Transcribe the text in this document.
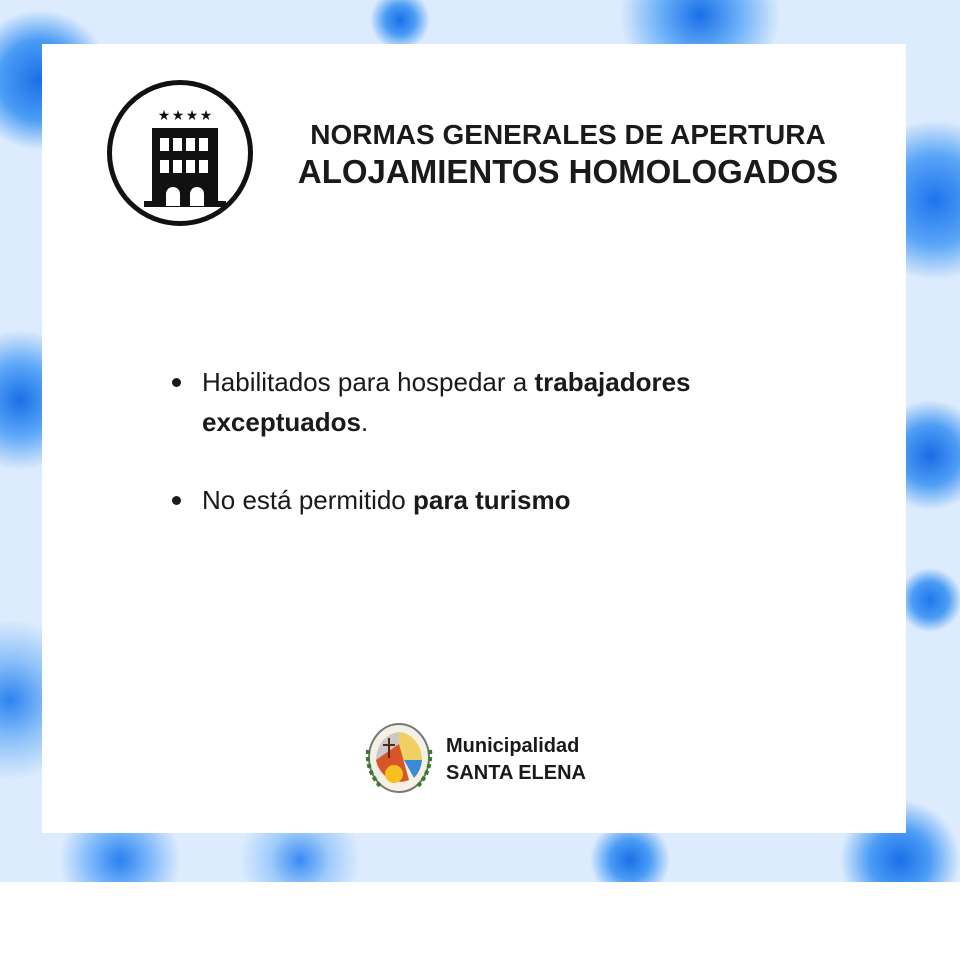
★ ★ ★ ★
NORMAS GENERALES DE APERTURA
ALOJAMIENTOS HOMOLOGADOS
Habilitados para hospedar a trabajadores exceptuados.
No está permitido para turismo
Municipalidad
SANTA ELENA
